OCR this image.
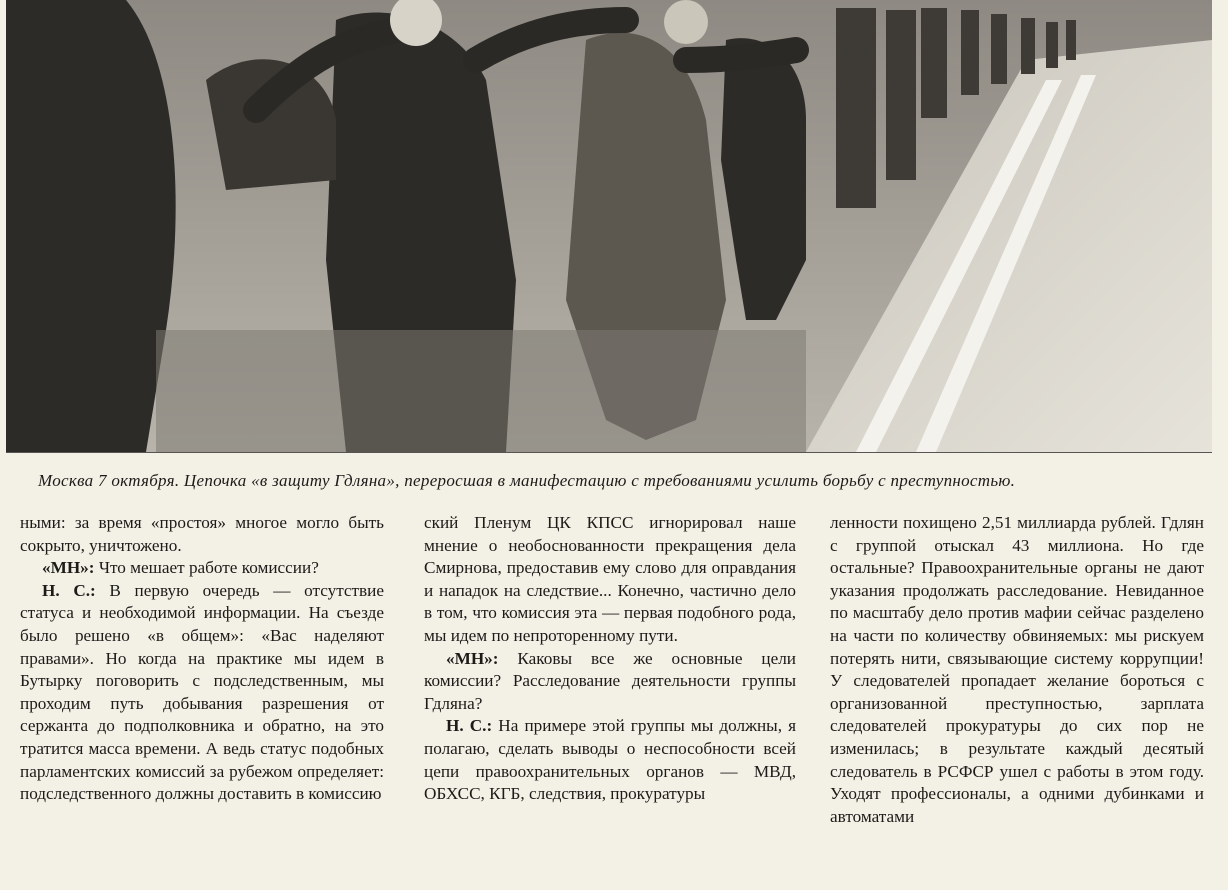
Москва 7 октября. Цепочка «в защиту Гдляна», переросшая в манифестацию с требованиями усилить борьбу с преступностью.

ными: за время «простоя» многое могло быть сокрыто, уничтожено.

«МН»: Что мешает работе комиссии?

Н. С.: В первую очередь — отсутствие статуса и необходимой информации. На съезде было решено «в общем»: «Вас наделяют правами». Но когда на практике мы идем в Бутырку поговорить с подследственным, мы проходим путь добывания разрешения от сержанта до подполковника и обратно, на это тратится масса времени. А ведь статус подобных парламентских комиссий за рубежом определяет: подследственного должны доставить в комиссию

ский Пленум ЦК КПСС игнорировал наше мнение о необоснованности прекращения дела Смирнова, предоставив ему слово для оправдания и нападок на следствие... Конечно, частично дело в том, что комиссия эта — первая подобного рода, мы идем по непроторенному пути.

«МН»: Каковы все же основные цели комиссии? Расследование деятельности группы Гдляна?

Н. С.: На примере этой группы мы должны, я полагаю, сделать выводы о неспособности всей цепи правоохранительных органов — МВД, ОБХСС, КГБ, следствия, прокуратуры

ленности похищено 2,51 миллиарда рублей. Гдлян с группой отыскал 43 миллиона. Но где остальные? Правоохранительные органы не дают указания продолжать расследование. Невиданное по масштабу дело против мафии сейчас разделено на части по количеству обвиняемых: мы рискуем потерять нити, связывающие систему коррупции! У следователей пропадает желание бороться с организованной преступностью, зарплата следователей прокуратуры до сих пор не изменилась; в результате каждый десятый следователь в РСФСР ушел с работы в этом году. Уходят профессионалы, а одними дубинками и автоматами
